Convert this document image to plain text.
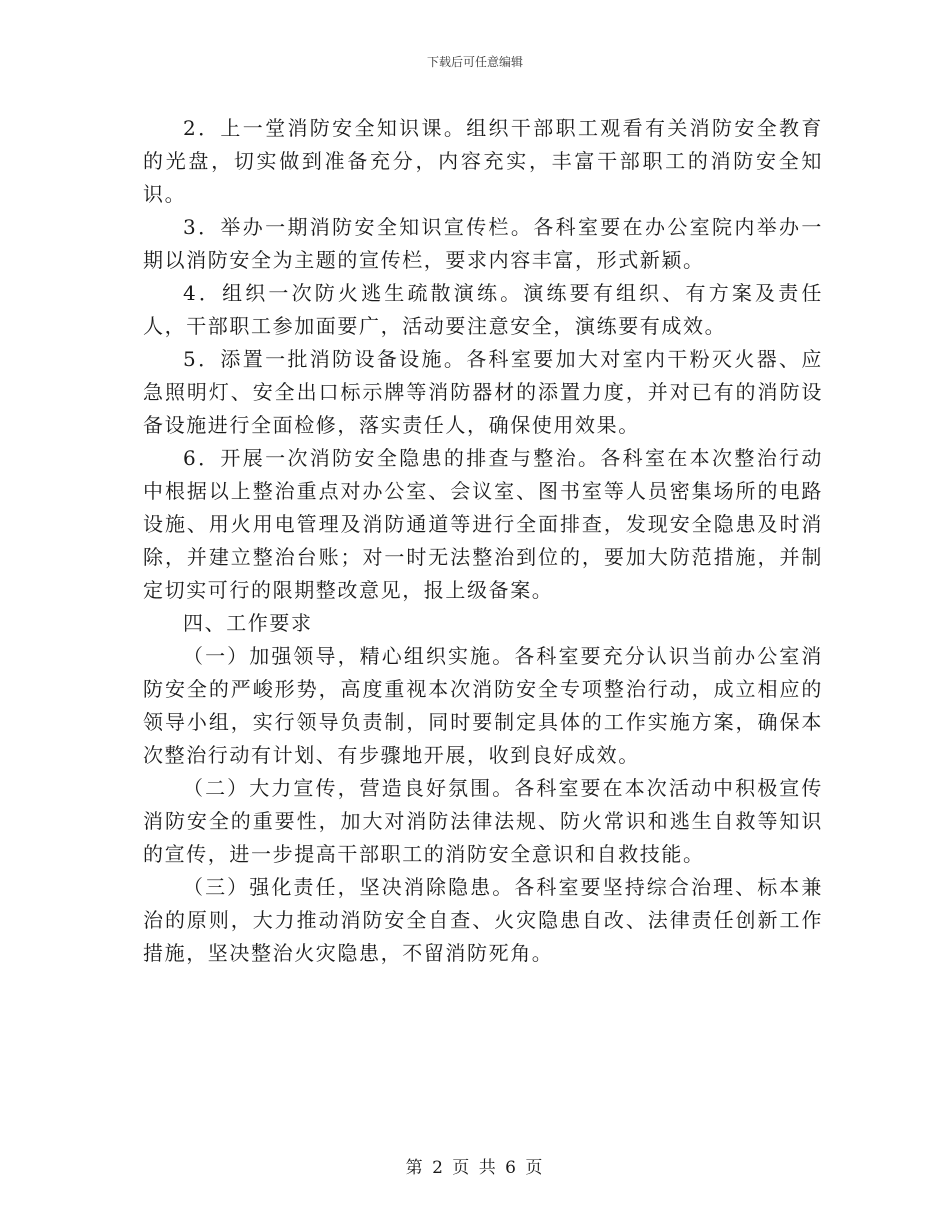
下载后可任意编辑

2．上一堂消防安全知识课。组织干部职工观看有关消防安全教育的光盘，切实做到准备充分，内容充实，丰富干部职工的消防安全知识。

3．举办一期消防安全知识宣传栏。各科室要在办公室院内举办一期以消防安全为主题的宣传栏，要求内容丰富，形式新颖。

4．组织一次防火逃生疏散演练。演练要有组织、有方案及责任人，干部职工参加面要广，活动要注意安全，演练要有成效。

5．添置一批消防设备设施。各科室要加大对室内干粉灭火器、应急照明灯、安全出口标示牌等消防器材的添置力度，并对已有的消防设备设施进行全面检修，落实责任人，确保使用效果。

6．开展一次消防安全隐患的排查与整治。各科室在本次整治行动中根据以上整治重点对办公室、会议室、图书室等人员密集场所的电路设施、用火用电管理及消防通道等进行全面排查，发现安全隐患及时消除，并建立整治台账；对一时无法整治到位的，要加大防范措施，并制定切实可行的限期整改意见，报上级备案。

四、工作要求

（一）加强领导，精心组织实施。各科室要充分认识当前办公室消防安全的严峻形势，高度重视本次消防安全专项整治行动，成立相应的领导小组，实行领导负责制，同时要制定具体的工作实施方案，确保本次整治行动有计划、有步骤地开展，收到良好成效。

（二）大力宣传，营造良好氛围。各科室要在本次活动中积极宣传消防安全的重要性，加大对消防法律法规、防火常识和逃生自救等知识的宣传，进一步提高干部职工的消防安全意识和自救技能。

（三）强化责任，坚决消除隐患。各科室要坚持综合治理、标本兼治的原则，大力推动消防安全自查、火灾隐患自改、法律责任创新工作措施，坚决整治火灾隐患，不留消防死角。

第 2 页 共 6 页
